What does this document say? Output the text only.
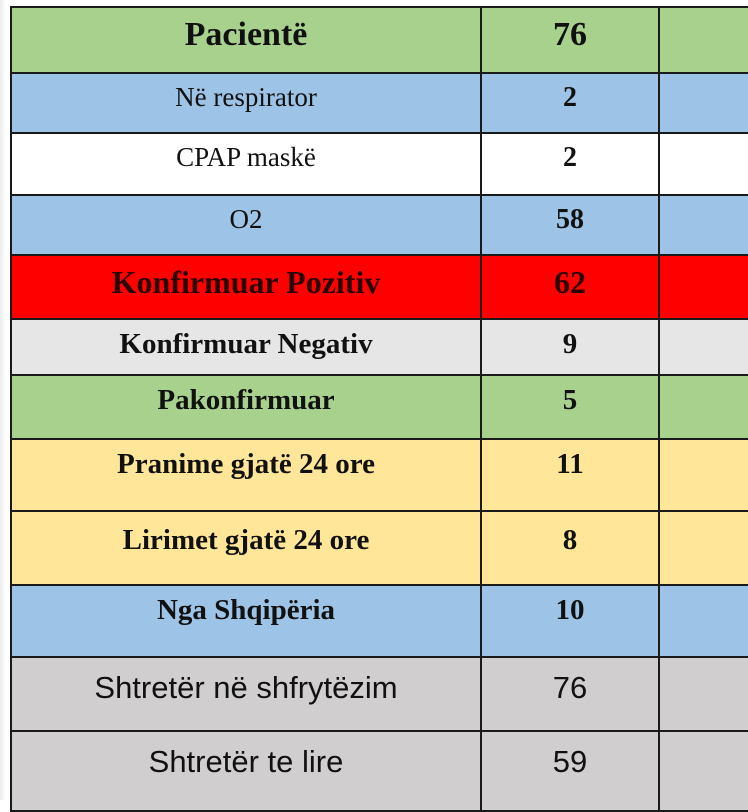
Pacientë	76	
Në respirator	2	
CPAP maskë	2	
O2	58	
Konfirmuar Pozitiv	62	
Konfirmuar Negativ	9	
Pakonfirmuar	5	
Pranime gjatë 24 ore	11	
Lirimet gjatë 24 ore	8	
Nga Shqipëria	10	
Shtretër në shfrytëzim	76	
Shtretër te lire	59	
